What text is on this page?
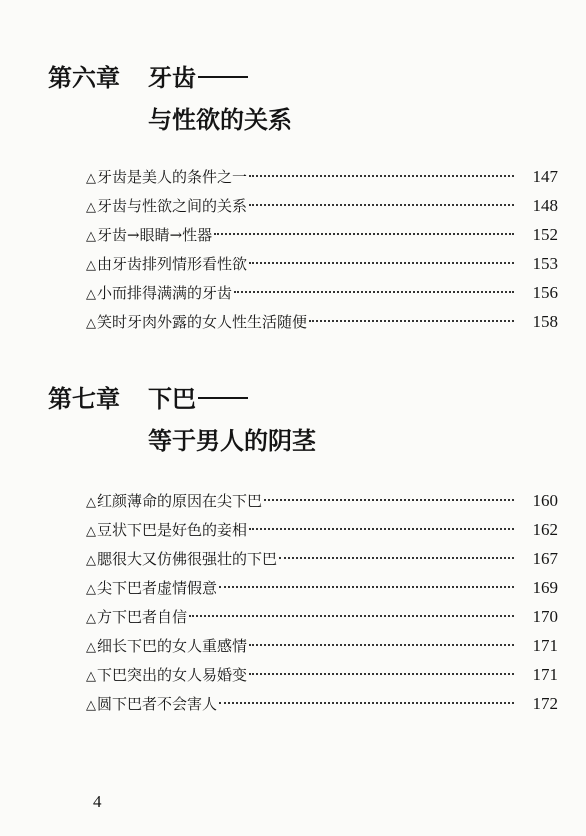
第六章	牙齿
与性欲的关系
△ 牙齿是美人的条件之一	147
△ 牙齿与性欲之间的关系	148
△ 牙齿→眼睛→性器	152
△ 由牙齿排列情形看性欲	153
△ 小而排得满满的牙齿	156
△ 笑时牙肉外露的女人性生活随便	158
第七章	下巴
等于男人的阴茎
△ 红颜薄命的原因在尖下巴	160
△ 豆状下巴是好色的妾相	162
△ 腮很大又仿佛很强壮的下巴	167
△ 尖下巴者虚情假意	169
△ 方下巴者自信	170
△ 细长下巴的女人重感情	171
△ 下巴突出的女人易婚变	171
△ 圆下巴者不会害人	172
4
